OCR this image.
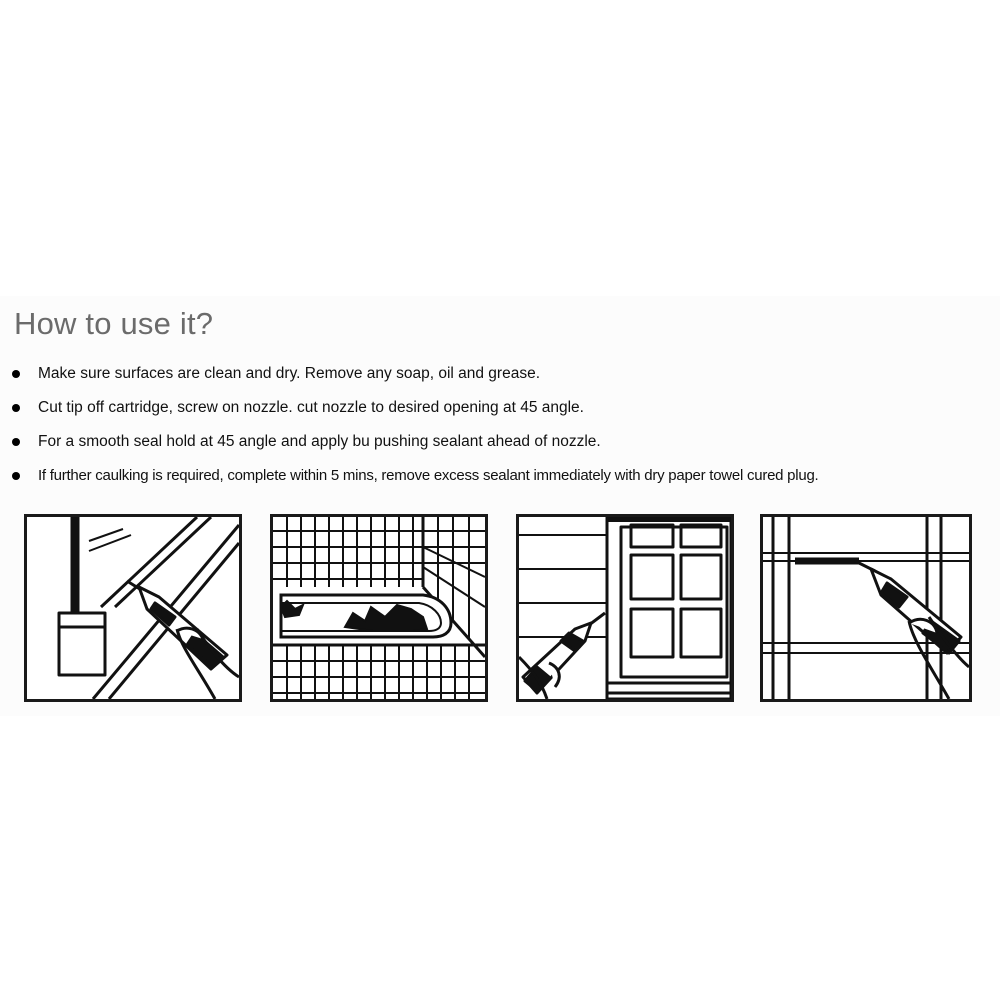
How to use it?
Make sure surfaces are clean and dry. Remove any soap, oil and grease.
Cut tip off cartridge, screw on nozzle. cut nozzle to desired opening at 45 angle.
For a smooth seal hold at 45 angle and apply bu pushing sealant ahead of nozzle.
If further caulking is required, complete within 5 mins, remove excess sealant immediately with dry paper towel cured plug.
